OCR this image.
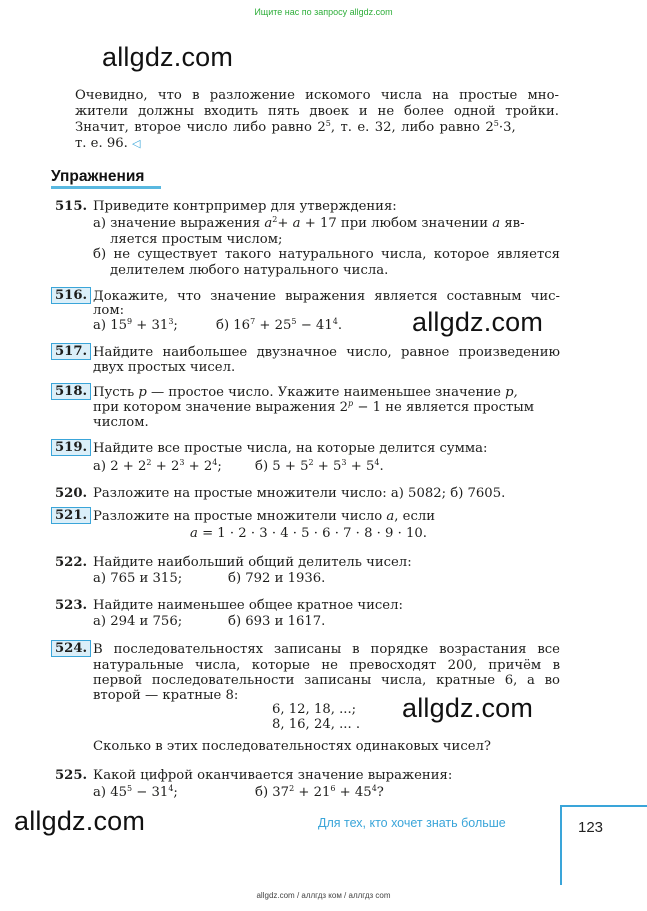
Ищите нас по запросу allgdz.com
allgdz.com
allgdz.com
allgdz.com
allgdz.com
Очевидно, что в разложение искомого числа на простые мно-
жители должны входить пять двоек и не более одной тройки.
Значит, второе число либо равно $2^5$, т. е. 32, либо равно $2^5\cdot 3$,
т. е. 96. ◁
Упражнения
515. Приведите контрпример для утверждения:
а) значение выражения $a^2+ a + 17$ при любом значении a яв-
ляется простым числом;
б) не существует такого натурального числа, которое является
делителем любого натурального числа.
516. Докажите, что значение выражения является составным чис-
лом:
а) $15^9 + 31^3$;	б) $16^7 + 25^5 - 41^4$.
517. Найдите наибольшее двузначное число, равное произведению
двух простых чисел.
518. Пусть p — простое число. Укажите наименьшее значение p,
при котором значение выражения $2^p - 1$ не является простым
числом.
519. Найдите все простые числа, на которые делится сумма:
а) $2 + 2^2 + 2^3 + 2^4$;	б) $5 + 5^2 + 5^3 + 5^4$.
520. Разложите на простые множители число: а) 5082; б) 7605.
521. Разложите на простые множители число a, если
a = 1 · 2 · 3 · 4 · 5 · 6 · 7 · 8 · 9 · 10.
522. Найдите наибольший общий делитель чисел:
а) 765 и 315;	б) 792 и 1936.
523. Найдите наименьшее общее кратное чисел:
а) 294 и 756;	б) 693 и 1617.
524. В последовательностях записаны в порядке возрастания все
натуральные числа, которые не превосходят 200, причём в
первой последовательности записаны числа, кратные 6, а во
второй — кратные 8:
6, 12, 18, ...;
8, 16, 24, ... .
Сколько в этих последовательностях одинаковых чисел?
525. Какой цифрой оканчивается значение выражения:
а) $45^5 - 31^4$;	б) $37^2 + 21^6 + 45^4$?
Для тех, кто хочет знать больше	123
allgdz.com / аллгдз ком / аллгдз com
